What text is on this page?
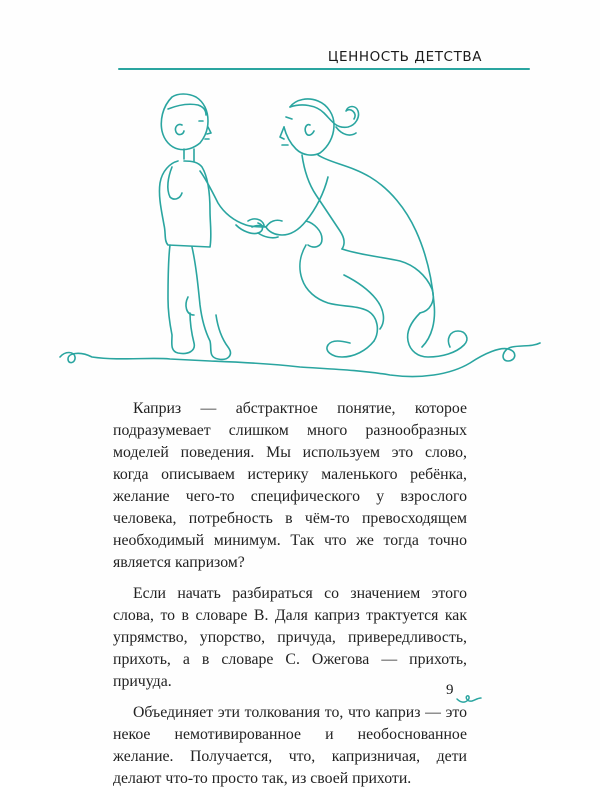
ЦЕННОСТЬ ДЕТСТВА

Каприз — абстрактное понятие, которое подразумевает слишком много разнообразных моделей поведения. Мы используем это слово, когда описываем истерику маленького ребёнка, желание чего-то специфического у взрослого человека, потребность в чём-то превосходящем необходимый минимум. Так что же тогда точно является капризом?

Если начать разбираться со значением этого слова, то в словаре В. Даля каприз трактуется как упрямство, упорство, причуда, привередливость, прихоть, а в словаре С. Ожегова — прихоть, причуда.

Объединяет эти толкования то, что каприз — это некое немотивированное и необоснованное желание. Получается, что, капризничая, дети делают что-то просто так, из своей прихоти.

9
